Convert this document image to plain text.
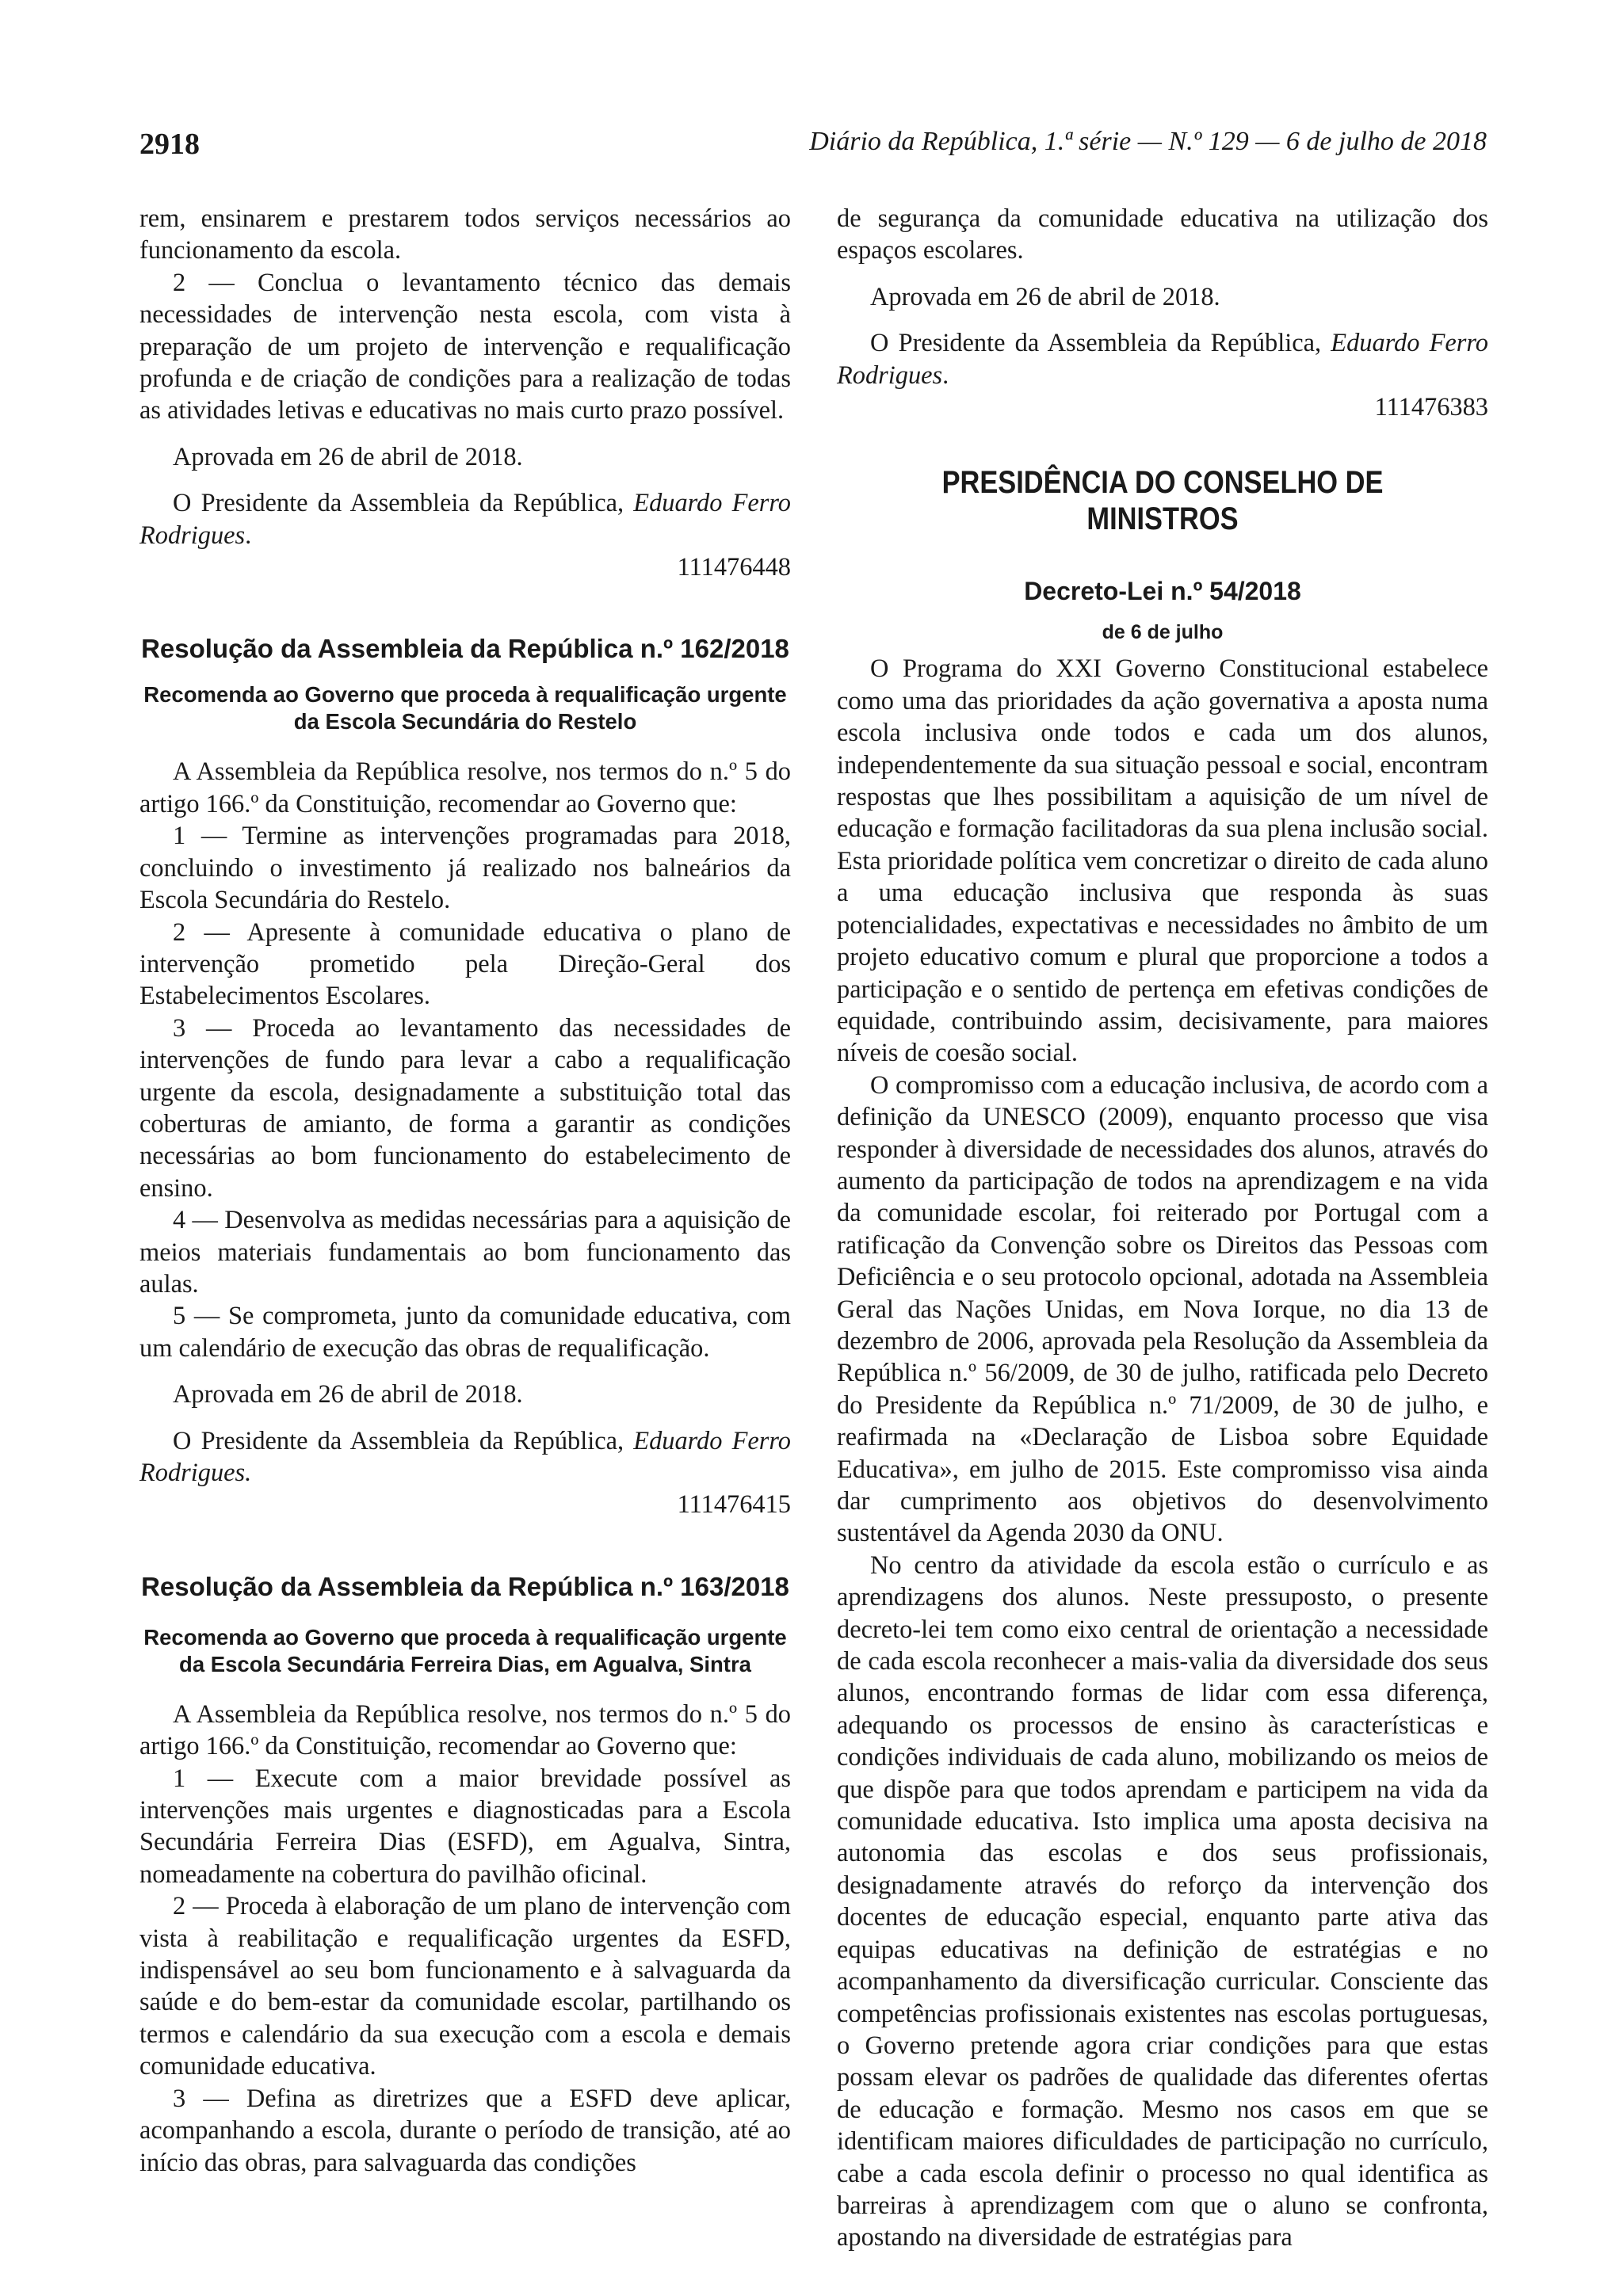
2918	Diário da República, 1.ª série — N.º 129 — 6 de julho de 2018

rem, ensinarem e prestarem todos serviços necessários ao funcionamento da escola.

2 — Conclua o levantamento técnico das demais necessidades de intervenção nesta escola, com vista à preparação de um projeto de intervenção e requalificação profunda e de criação de condições para a realização de todas as atividades letivas e educativas no mais curto prazo possível.

Aprovada em 26 de abril de 2018.

O Presidente da Assembleia da República, Eduardo Ferro Rodrigues.

111476448

Resolução da Assembleia da República n.º 162/2018
Recomenda ao Governo que proceda à requalificação urgente da Escola Secundária do Restelo

A Assembleia da República resolve, nos termos do n.º 5 do artigo 166.º da Constituição, recomendar ao Governo que:

1 — Termine as intervenções programadas para 2018, concluindo o investimento já realizado nos balneários da Escola Secundária do Restelo.

2 — Apresente à comunidade educativa o plano de intervenção prometido pela Direção-Geral dos Estabelecimentos Escolares.

3 — Proceda ao levantamento das necessidades de intervenções de fundo para levar a cabo a requalificação urgente da escola, designadamente a substituição total das coberturas de amianto, de forma a garantir as condições necessárias ao bom funcionamento do estabelecimento de ensino.

4 — Desenvolva as medidas necessárias para a aquisição de meios materiais fundamentais ao bom funcionamento das aulas.

5 — Se comprometa, junto da comunidade educativa, com um calendário de execução das obras de requalificação.

Aprovada em 26 de abril de 2018.

O Presidente da Assembleia da República, Eduardo Ferro Rodrigues.

111476415

Resolução da Assembleia da República n.º 163/2018
Recomenda ao Governo que proceda à requalificação urgente da Escola Secundária Ferreira Dias, em Agualva, Sintra

A Assembleia da República resolve, nos termos do n.º 5 do artigo 166.º da Constituição, recomendar ao Governo que:

1 — Execute com a maior brevidade possível as intervenções mais urgentes e diagnosticadas para a Escola Secundária Ferreira Dias (ESFD), em Agualva, Sintra, nomeadamente na cobertura do pavilhão oficinal.

2 — Proceda à elaboração de um plano de intervenção com vista à reabilitação e requalificação urgentes da ESFD, indispensável ao seu bom funcionamento e à salvaguarda da saúde e do bem-estar da comunidade escolar, partilhando os termos e calendário da sua execução com a escola e demais comunidade educativa.

3 — Defina as diretrizes que a ESFD deve aplicar, acompanhando a escola, durante o período de transição, até ao início das obras, para salvaguarda das condições

de segurança da comunidade educativa na utilização dos espaços escolares.

Aprovada em 26 de abril de 2018.

O Presidente da Assembleia da República, Eduardo Ferro Rodrigues.

111476383

PRESIDÊNCIA DO CONSELHO DE MINISTROS
Decreto-Lei n.º 54/2018
de 6 de julho

O Programa do XXI Governo Constitucional estabelece como uma das prioridades da ação governativa a aposta numa escola inclusiva onde todos e cada um dos alunos, independentemente da sua situação pessoal e social, encontram respostas que lhes possibilitam a aquisição de um nível de educação e formação facilitadoras da sua plena inclusão social. Esta prioridade política vem concretizar o direito de cada aluno a uma educação inclusiva que responda às suas potencialidades, expectativas e necessidades no âmbito de um projeto educativo comum e plural que proporcione a todos a participação e o sentido de pertença em efetivas condições de equidade, contribuindo assim, decisivamente, para maiores níveis de coesão social.

O compromisso com a educação inclusiva, de acordo com a definição da UNESCO (2009), enquanto processo que visa responder à diversidade de necessidades dos alunos, através do aumento da participação de todos na aprendizagem e na vida da comunidade escolar, foi reiterado por Portugal com a ratificação da Convenção sobre os Direitos das Pessoas com Deficiência e o seu protocolo opcional, adotada na Assembleia Geral das Nações Unidas, em Nova Iorque, no dia 13 de dezembro de 2006, aprovada pela Resolução da Assembleia da República n.º 56/2009, de 30 de julho, ratificada pelo Decreto do Presidente da República n.º 71/2009, de 30 de julho, e reafirmada na «Declaração de Lisboa sobre Equidade Educativa», em julho de 2015. Este compromisso visa ainda dar cumprimento aos objetivos do desenvolvimento sustentável da Agenda 2030 da ONU.

No centro da atividade da escola estão o currículo e as aprendizagens dos alunos. Neste pressuposto, o presente decreto-lei tem como eixo central de orientação a necessidade de cada escola reconhecer a mais-valia da diversidade dos seus alunos, encontrando formas de lidar com essa diferença, adequando os processos de ensino às características e condições individuais de cada aluno, mobilizando os meios de que dispõe para que todos aprendam e participem na vida da comunidade educativa. Isto implica uma aposta decisiva na autonomia das escolas e dos seus profissionais, designadamente através do reforço da intervenção dos docentes de educação especial, enquanto parte ativa das equipas educativas na definição de estratégias e no acompanhamento da diversificação curricular. Consciente das competências profissionais existentes nas escolas portuguesas, o Governo pretende agora criar condições para que estas possam elevar os padrões de qualidade das diferentes ofertas de educação e formação. Mesmo nos casos em que se identificam maiores dificuldades de participação no currículo, cabe a cada escola definir o processo no qual identifica as barreiras à aprendizagem com que o aluno se confronta, apostando na diversidade de estratégias para
